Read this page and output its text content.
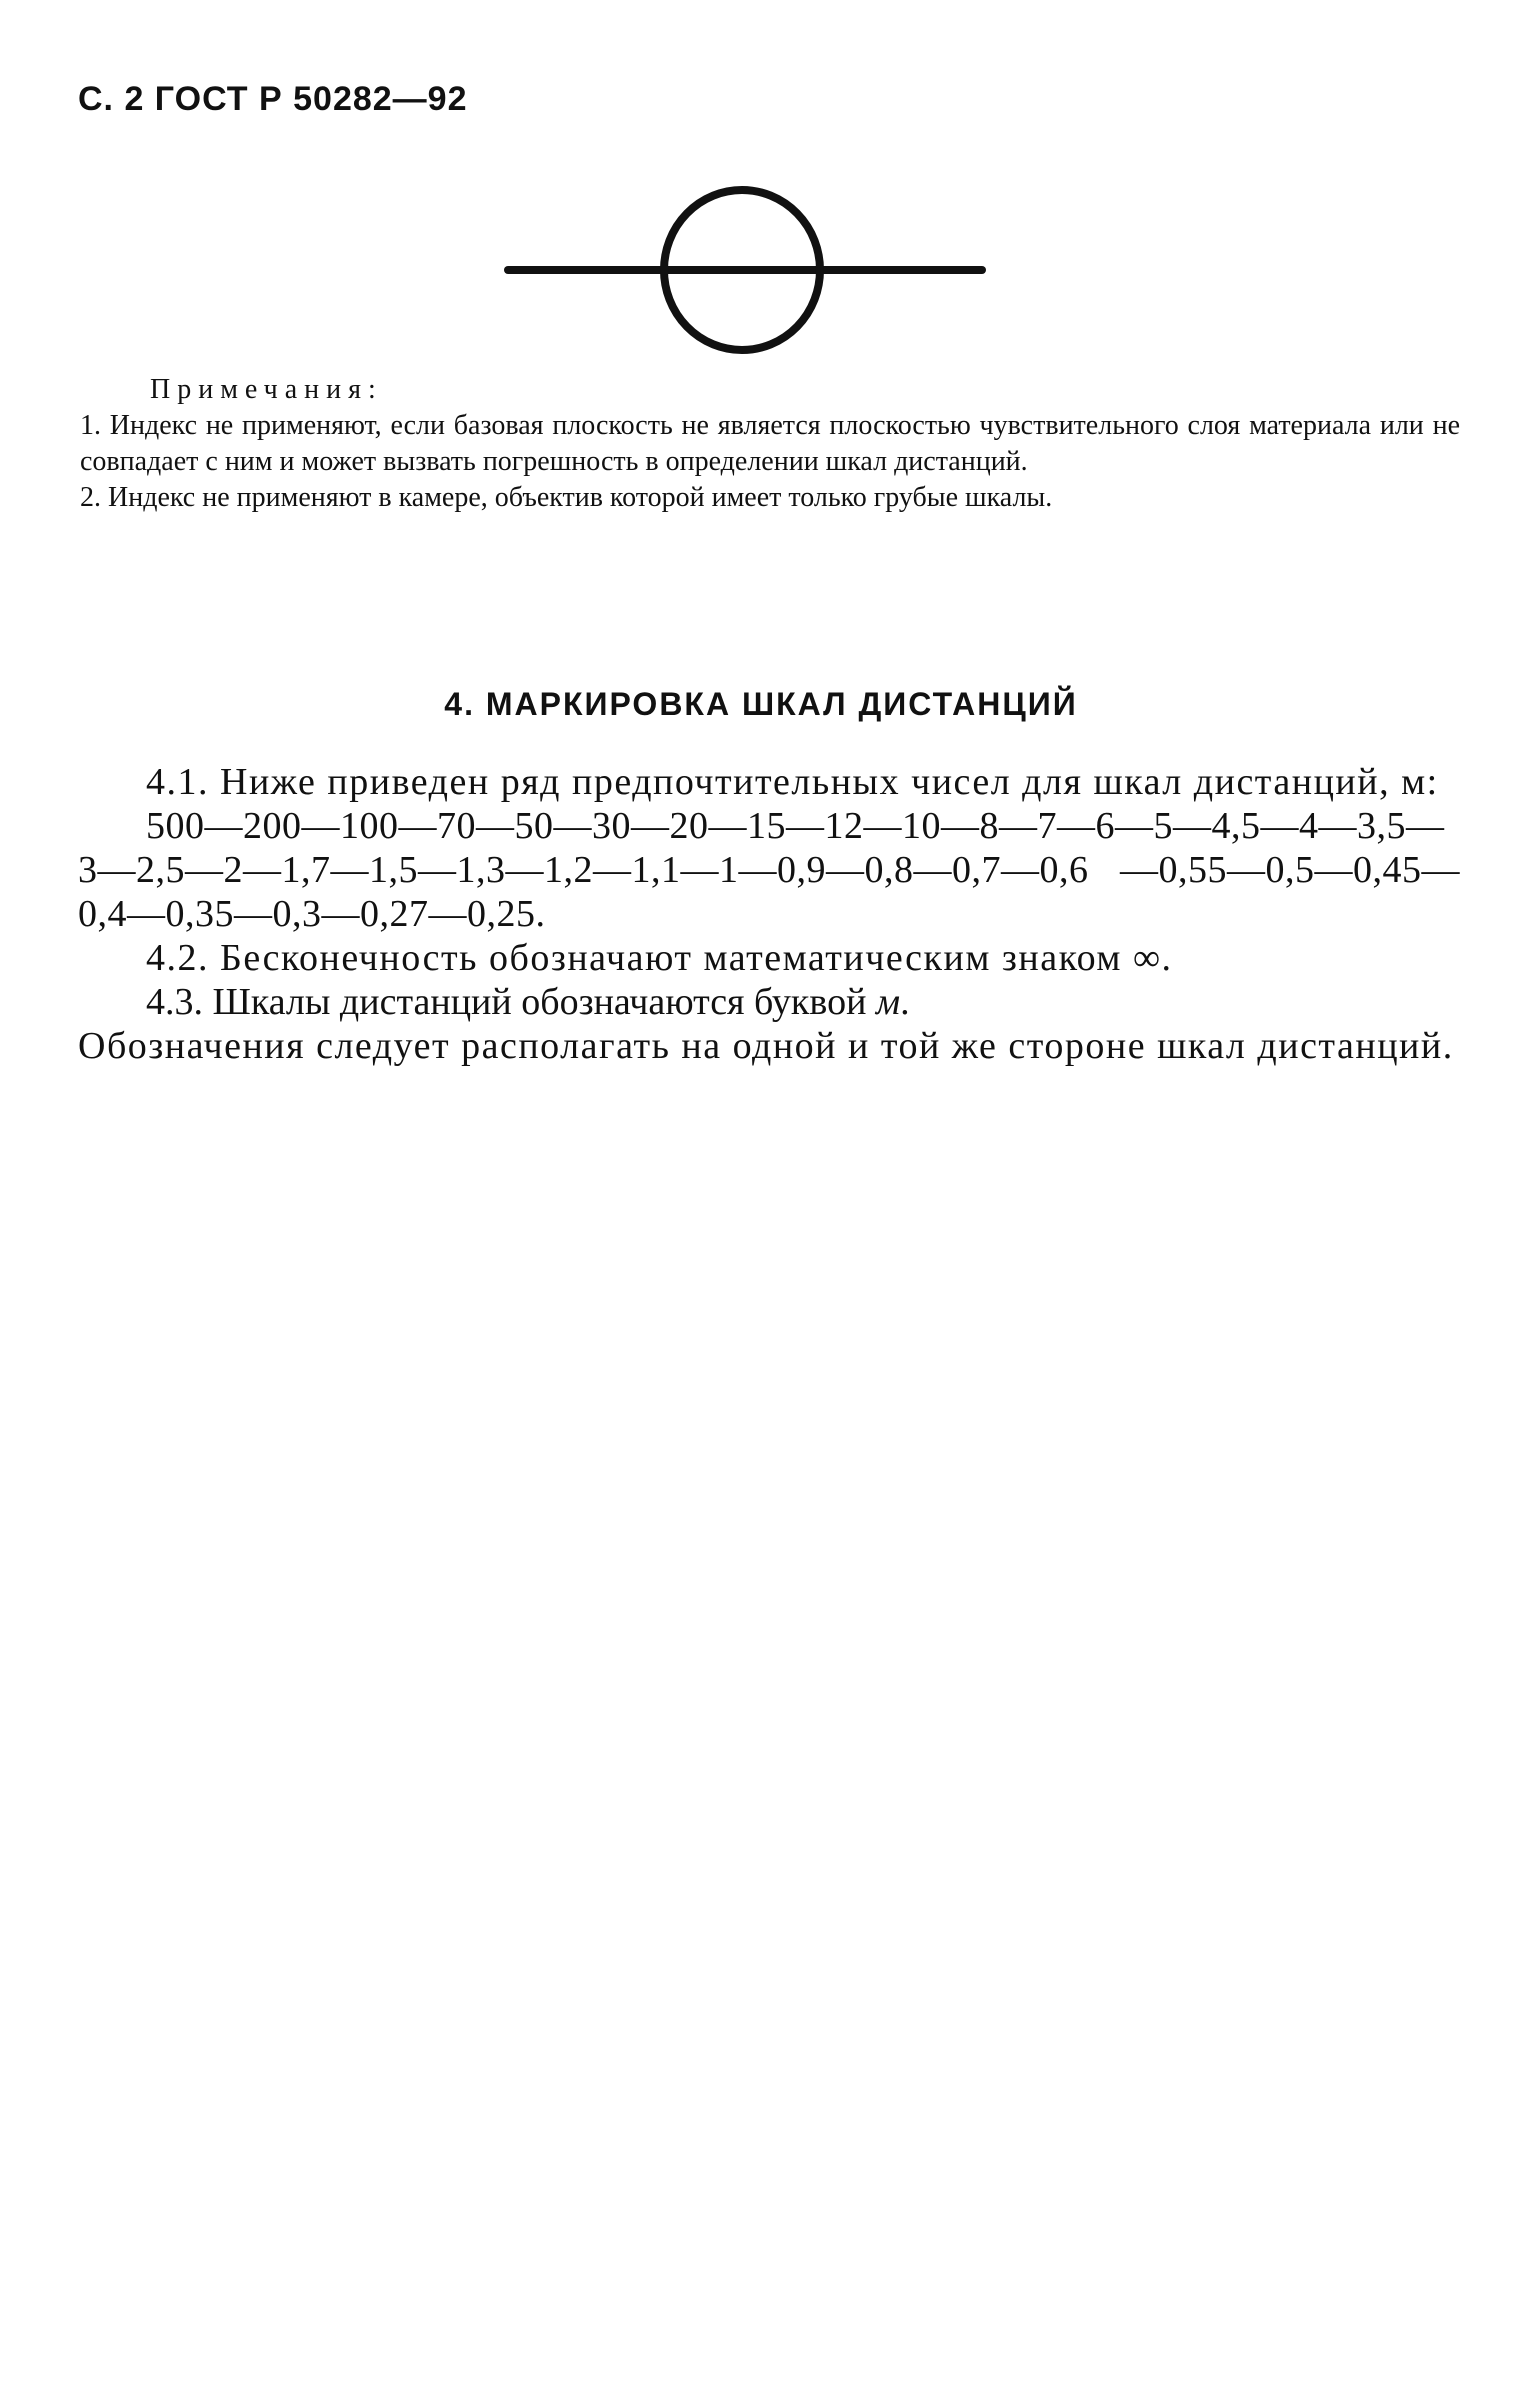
С. 2 ГОСТ Р 50282—92

Примечания:

1. Индекс не применяют, если базовая плоскость не является плоскостью чувствительного слоя материала или не совпадает с ним и может вызвать погрешность в определении шкал дистанций.

2. Индекс не применяют в камере, объектив которой имеет только грубые шкалы.

4. МАРКИРОВКА ШКАЛ ДИСТАНЦИЙ

4.1. Ниже приведен ряд предпочтительных чисел для шкал дистанций, м:

500—200—100—70—50—30—20—15—12—10—8—7—6—5—4,5—4—3,5—3—2,5—2—1,7—1,5—1,3—1,2—1,1—1—0,9—0,8—0,7—0,6 —0,55—0,5—0,45—0,4—0,35—0,3—0,27—0,25.

4.2. Бесконечность обозначают математическим знаком ∞.

4.3. Шкалы дистанций обозначаются буквой м.

Обозначения следует располагать на одной и той же стороне шкал дистанций.
